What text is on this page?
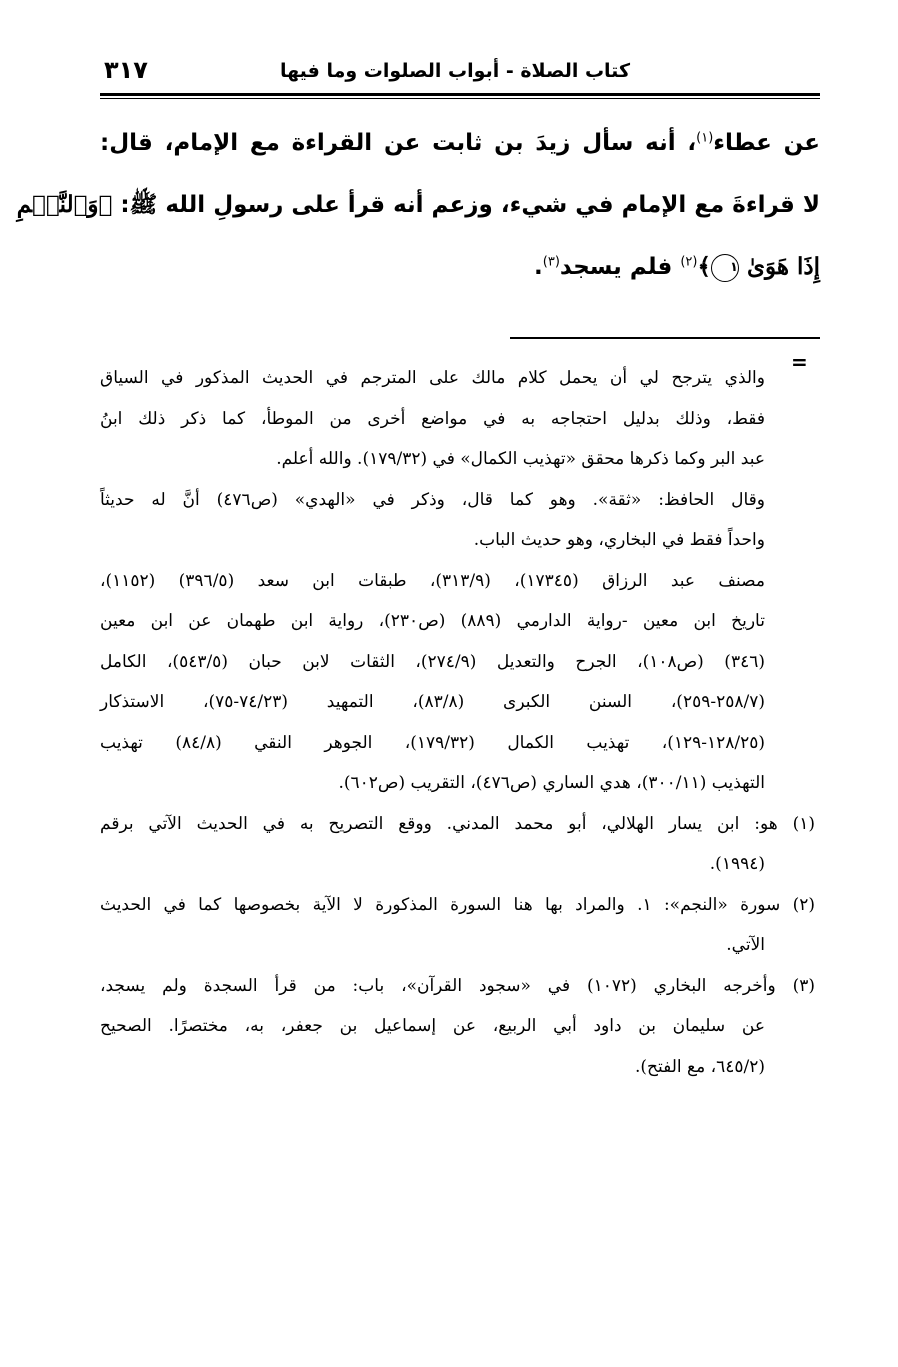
كتاب الصلاة - أبواب الصلوات وما فيها
٣١٧
عن عطاء$^{(١)}$، أنه سأل زيدَ بن ثابت عن القراءة مع الإمام، قال:
لا قراءةَ مع الإمام في شيء، وزعم أنه قرأ على رسولِ الله ﷺ: ﴿وَٱلنَّجۡمِ
إِذَا هَوَىٰ ١﴾$^{(٢)}$ فلم يسجد$^{(٣)}$.
=
والذي يترجح لي أن يحمل كلام مالك على المترجم في الحديث المذكور في السياق
فقط، وذلك بدليل احتجاجه به في مواضع أخرى من الموطأ، كما ذكر ذلك ابنُ
عبد البر وكما ذكرها محقق «تهذيب الكمال» في (١٧٩/٣٢). والله أعلم.
وقال الحافظ: «ثقة». وهو كما قال، وذكر في «الهدي» (ص٤٧٦) أنَّ له حديثاً
واحداً فقط في البخاري، وهو حديث الباب.
مصنف عبد الرزاق (١٧٣٤٥)، (٣١٣/٩)، طبقات ابن سعد (٣٩٦/٥) (١١٥٢)،
تاريخ ابن معين -رواية الدارمي (٨٨٩) (ص٢٣٠)، رواية ابن طهمان عن ابن معين
(٣٤٦) (ص١٠٨)، الجرح والتعديل (٢٧٤/٩)، الثقات لابن حبان (٥٤٣/٥)، الكامل
(٢٥٨/٧-٢٥٩)، السنن الكبرى (٨٣/٨)، التمهيد (٧٤/٢٣-٧٥)، الاستذكار
(١٢٨/٢٥-١٢٩)، تهذيب الكمال (١٧٩/٣٢)، الجوهر النقي (٨٤/٨) تهذيب
التهذيب (٣٠٠/١١)، هدي الساري (ص٤٧٦)، التقريب (ص٦٠٢).
(١) هو: ابن يسار الهلالي، أبو محمد المدني. ووقع التصريح به في الحديث الآتي برقم
(١٩٩٤).
(٢) سورة «النجم»: ١. والمراد بها هنا السورة المذكورة لا الآية بخصوصها كما في الحديث
الآتي.
(٣) وأخرجه البخاري (١٠٧٢) في «سجود القرآن»، باب: من قرأ السجدة ولم يسجد،
عن سليمان بن داود أبي الربيع، عن إسماعيل بن جعفر، به، مختصرًا. الصحيح
(٦٤٥/٢، مع الفتح).
